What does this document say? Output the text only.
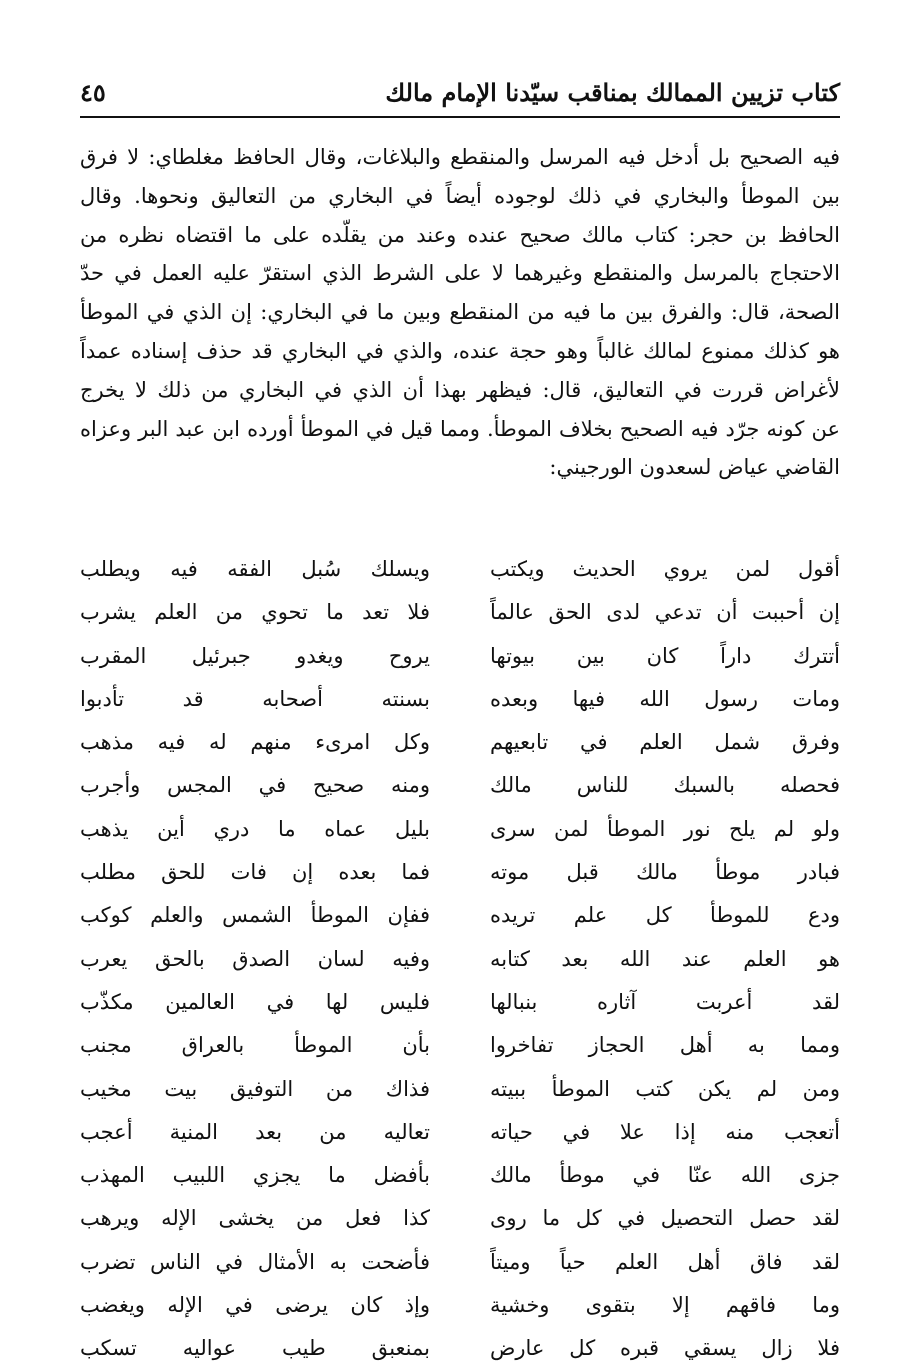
كتاب تزيين الممالك بمناقب سيّدنا الإمام مالك
٤٥
فيه الصحيح بل أدخل فيه المرسل والمنقطع والبلاغات، وقال الحافظ مغلطاي: لا فرق
بين الموطأ والبخاري في ذلك لوجوده أيضاً في البخاري من التعاليق ونحوها. وقال
الحافظ بن حجر: كتاب مالك صحيح عنده وعند من يقلّده على ما اقتضاه نظره من
الاحتجاج بالمرسل والمنقطع وغيرهما لا على الشرط الذي استقرّ عليه العمل في حدّ
الصحة، قال: والفرق بين ما فيه من المنقطع وبين ما في البخاري: إن الذي في الموطأ
هو كذلك ممنوع لمالك غالباً وهو حجة عنده، والذي في البخاري قد حذف إسناده عمداً
لأغراض قررت في التعاليق، قال: فيظهر بهذا أن الذي في البخاري من ذلك لا يخرج
عن كونه جرّد فيه الصحيح بخلاف الموطأ. ومما قيل في الموطأ أورده ابن عبد البر وعزاه
القاضي عياض لسعدون الورجيني:
أقول لمن يروي الحديث ويكتب
إن أحببت أن تدعي لدى الحق عالماً
أتترك داراً كان بين بيوتها
ومات رسول الله فيها وبعده
وفرق شمل العلم في تابعيهم
فحصله بالسبك للناس مالك
ولو لم يلح نور الموطأ لمن سرى
فبادر موطأ مالك قبل موته
ودع للموطأ كل علم تريده
هو العلم عند الله بعد كتابه
لقد أعربت آثاره بنبالها
ومما به أهل الحجاز تفاخروا
ومن لم يكن كتب الموطأ ببيته
أتعجب منه إذا علا في حياته
جزى الله عنّا في موطأ مالك
لقد حصل التحصيل في كل ما روى
لقد فاق أهل العلم حياً وميتاً
وما فاقهم إلا بتقوى وخشية
فلا زال يسقي قبره كل عارض
ويسلك سُبل الفقه فيه ويطلب
فلا تعد ما تحوي من العلم يشرب
يروح ويغدو جبرئيل المقرب
بسنته أصحابه قد تأدبوا
وكل امرىء منهم له فيه مذهب
ومنه صحيح في المجس وأجرب
بليل عماه ما دري أين يذهب
فما بعده إن فات للحق مطلب
ففإن الموطأ الشمس والعلم كوكب
وفيه لسان الصدق بالحق يعرب
فليس لها في العالمين مكذّب
بأن الموطأ بالعراق مجنب
فذاك من التوفيق بيت مخيب
تعاليه من بعد المنية أعجب
بأفضل ما يجزي اللبيب المهذب
كذا فعل من يخشى الإله ويرهب
فأضحت به الأمثال في الناس تضرب
وإذ كان يرضى في الإله ويغضب
بمنعبق طيب عواليه تسكب
